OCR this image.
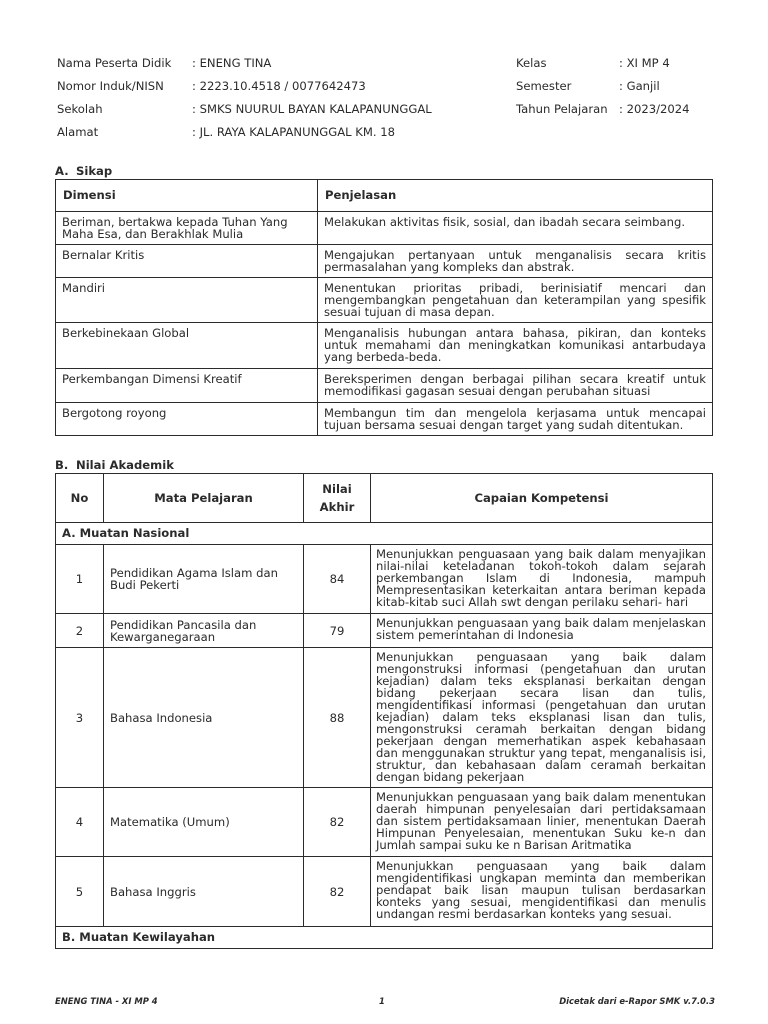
Nama Peserta Didik : ENENG TINA	Kelas	: XI MP 4
Nomor Induk/NISN : 2223.10.4518 / 0077642473	Semester	: Ganjil
Sekolah	: SMKS NUURUL BAYAN KALAPANUNGGAL	Tahun Pelajaran : 2023/2024
Alamat	: JL. RAYA KALAPANUNGGAL KM. 18
A. Sikap
Dimensi	Penjelasan
Beriman, bertakwa kepada Tuhan Yang Maha Esa, dan Berakhlak Mulia	Melakukan aktivitas fisik, sosial, dan ibadah secara seimbang.
Bernalar Kritis	Mengajukan pertanyaan untuk menganalisis secara kritis permasalahan yang kompleks dan abstrak.
Mandiri	Menentukan prioritas pribadi, berinisiatif mencari dan mengembangkan pengetahuan dan keterampilan yang spesifik sesuai tujuan di masa depan.
Berkebinekaan Global	Menganalisis hubungan antara bahasa, pikiran, dan konteks untuk memahami dan meningkatkan komunikasi antarbudaya yang berbeda-beda.
Perkembangan Dimensi Kreatif	Bereksperimen dengan berbagai pilihan secara kreatif untuk memodifikasi gagasan sesuai dengan perubahan situasi
Bergotong royong	Membangun tim dan mengelola kerjasama untuk mencapai tujuan bersama sesuai dengan target yang sudah ditentukan.
B. Nilai Akademik
No	Mata Pelajaran	Nilai Akhir	Capaian Kompetensi
A. Muatan Nasional			
1	Pendidikan Agama Islam dan Budi Pekerti	84	Menunjukkan penguasaan yang baik dalam menyajikan nilai-nilai keteladanan tokoh-tokoh dalam sejarah perkembangan Islam di Indonesia, mampuh Mempresentasikan keterkaitan antara beriman kepada kitab-kitab suci Allah swt dengan perilaku sehari- hari
2	Pendidikan Pancasila dan Kewarganegaraan	79	Menunjukkan penguasaan yang baik dalam menjelaskan sistem pemerintahan di Indonesia
3	Bahasa Indonesia	88	Menunjukkan penguasaan yang baik dalam mengonstruksi informasi (pengetahuan dan urutan kejadian) dalam teks eksplanasi berkaitan dengan bidang pekerjaan secara lisan dan tulis, mengidentifikasi informasi (pengetahuan dan urutan kejadian) dalam teks eksplanasi lisan dan tulis, mengonstruksi ceramah berkaitan dengan bidang pekerjaan dengan memerhatikan aspek kebahasaan dan menggunakan struktur yang tepat, menganalisis isi, struktur, dan kebahasaan dalam ceramah berkaitan dengan bidang pekerjaan
4	Matematika (Umum)	82	Menunjukkan penguasaan yang baik dalam menentukan daerah himpunan penyelesaian dari pertidaksamaan dan sistem pertidaksamaan linier, menentukan Daerah Himpunan Penyelesaian, menentukan Suku ke-n dan Jumlah sampai suku ke n Barisan Aritmatika
5	Bahasa Inggris	82	Menunjukkan penguasaan yang baik dalam mengidentifikasi ungkapan meminta dan memberikan pendapat baik lisan maupun tulisan berdasarkan konteks yang sesuai, mengidentifikasi dan menulis undangan resmi berdasarkan konteks yang sesuai.
B. Muatan Kewilayahan			
ENENG TINA - XI MP 4	1	Dicetak dari e-Rapor SMK v.7.0.3
